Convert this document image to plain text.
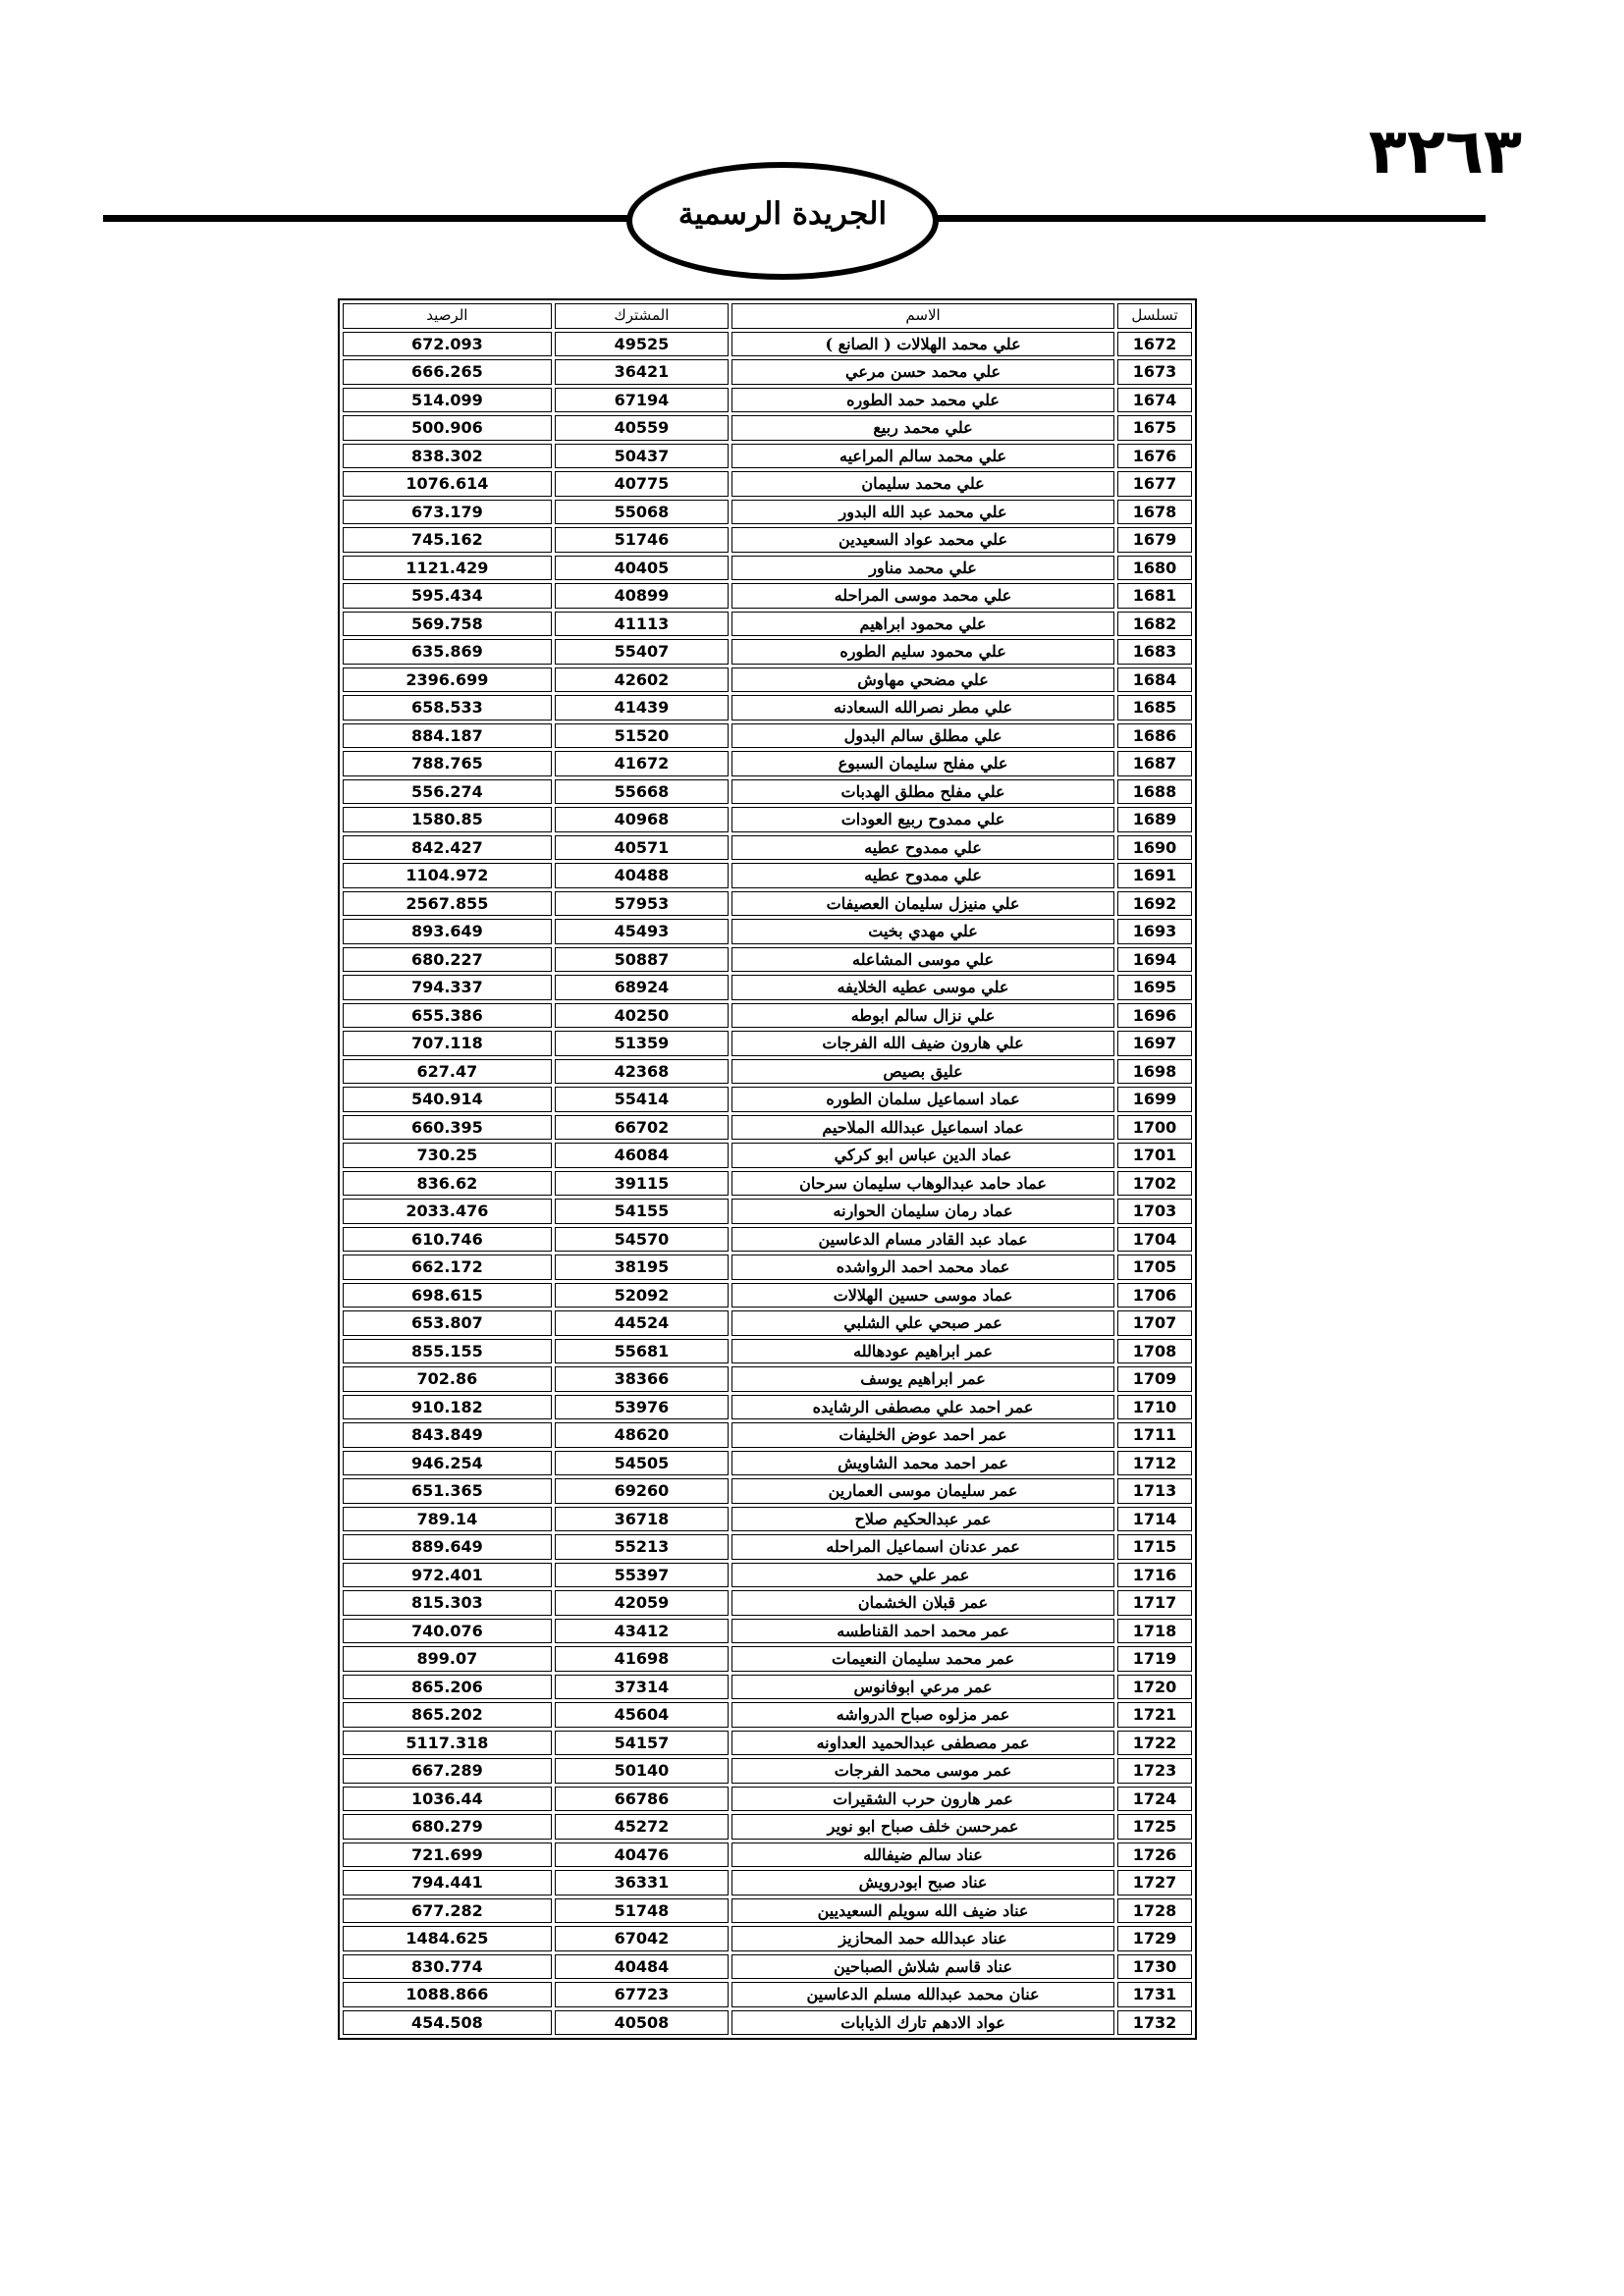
٣٢٦٣
الجريدة الرسمية
تسلسل	الاسم	المشترك	الرصيد
1672	علي محمد الهلالات ( الصانع )	49525	672.093
1673	علي محمد حسن مرعي	36421	666.265
1674	علي محمد حمد الطوره	67194	514.099
1675	علي محمد ربيع	40559	500.906
1676	علي محمد سالم المراعيه	50437	838.302
1677	علي محمد سليمان	40775	1076.614
1678	علي محمد عبد الله البدور	55068	673.179
1679	علي محمد عواد السعيدين	51746	745.162
1680	علي محمد مناور	40405	1121.429
1681	علي محمد موسى المراحله	40899	595.434
1682	علي محمود ابراهيم	41113	569.758
1683	علي محمود سليم الطوره	55407	635.869
1684	علي مضحي مهاوش	42602	2396.699
1685	علي مطر نصرالله السعادنه	41439	658.533
1686	علي مطلق سالم البدول	51520	884.187
1687	علي مفلح سليمان السبوع	41672	788.765
1688	علي مفلح مطلق الهدبات	55668	556.274
1689	علي ممدوح ربيع العودات	40968	1580.85
1690	علي ممدوح عطيه	40571	842.427
1691	علي ممدوح عطيه	40488	1104.972
1692	علي منيزل سليمان العصيفات	57953	2567.855
1693	علي مهدي بخيت	45493	893.649
1694	علي موسى المشاعله	50887	680.227
1695	علي موسى عطيه الخلايفه	68924	794.337
1696	علي نزال سالم ابوطه	40250	655.386
1697	علي هارون ضيف الله الفرجات	51359	707.118
1698	عليق بصيص	42368	627.47
1699	عماد اسماعيل سلمان الطوره	55414	540.914
1700	عماد اسماعيل عبدالله الملاحيم	66702	660.395
1701	عماد الدين عباس ابو كركي	46084	730.25
1702	عماد حامد عبدالوهاب سليمان سرحان	39115	836.62
1703	عماد رمان سليمان الحوارنه	54155	2033.476
1704	عماد عبد القادر مسام الدعاسين	54570	610.746
1705	عماد محمد احمد الرواشده	38195	662.172
1706	عماد موسى حسين الهلالات	52092	698.615
1707	عمر صبحي علي الشلبي	44524	653.807
1708	عمر ابراهيم عودهالله	55681	855.155
1709	عمر ابراهيم يوسف	38366	702.86
1710	عمر احمد علي مصطفى الرشايده	53976	910.182
1711	عمر احمد عوض الخليفات	48620	843.849
1712	عمر احمد محمد الشاويش	54505	946.254
1713	عمر سليمان موسى العمارين	69260	651.365
1714	عمر عبدالحكيم صلاح	36718	789.14
1715	عمر عدنان اسماعيل المراحله	55213	889.649
1716	عمر علي حمد	55397	972.401
1717	عمر قبلان الخشمان	42059	815.303
1718	عمر محمد احمد القناطسه	43412	740.076
1719	عمر محمد سليمان النعيمات	41698	899.07
1720	عمر مرعي ابوفانوس	37314	865.206
1721	عمر مزلوه صباح الدرواشه	45604	865.202
1722	عمر مصطفى عبدالحميد العداونه	54157	5117.318
1723	عمر موسى محمد الفرجات	50140	667.289
1724	عمر هارون حرب الشقيرات	66786	1036.44
1725	عمرحسن خلف صباح ابو نوير	45272	680.279
1726	عناد سالم ضيفالله	40476	721.699
1727	عناد صبح ابودرويش	36331	794.441
1728	عناد ضيف الله سويلم السعيديين	51748	677.282
1729	عناد عبدالله حمد المحازيز	67042	1484.625
1730	عناد قاسم شلاش الصباحين	40484	830.774
1731	عنان محمد عبدالله مسلم الدعاسين	67723	1088.866
1732	عواد الادهم تارك الذيابات	40508	454.508
